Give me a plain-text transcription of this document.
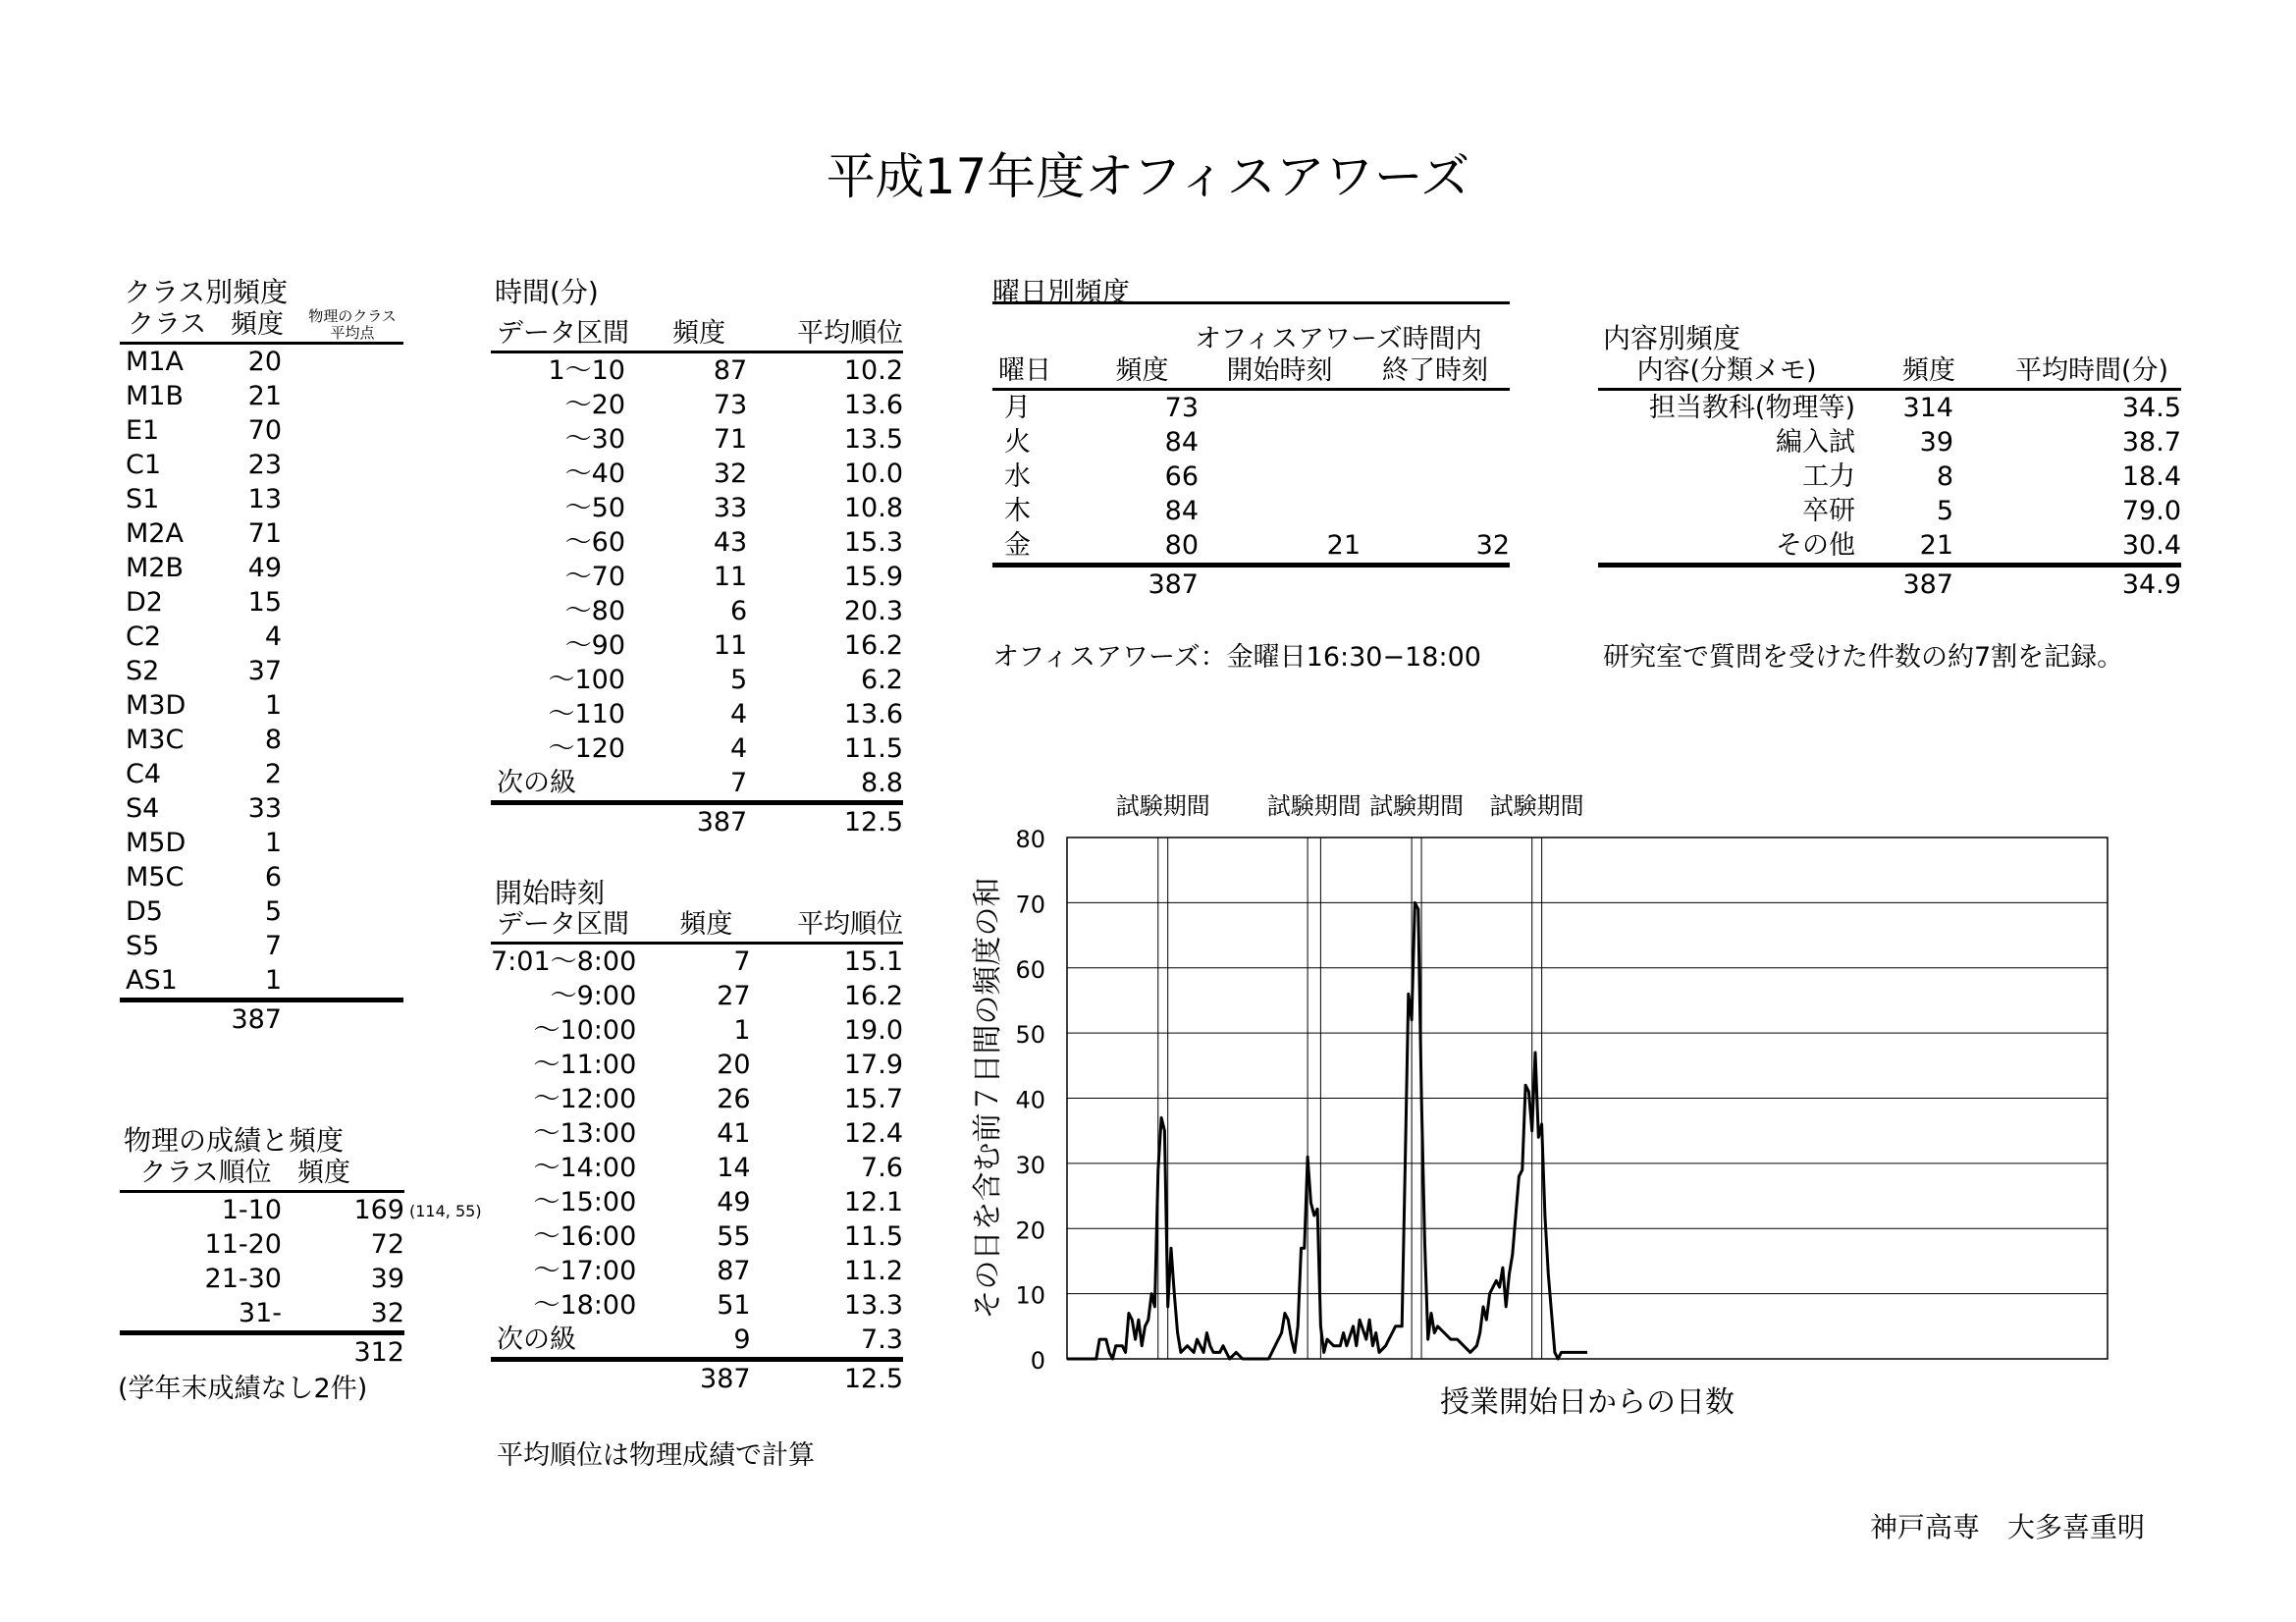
平成17年度オフィスアワーズ
クラス別頻度
クラス	頻度	物理のクラス
平均点

M1A	20	
M1B	21	
E1	70	
C1	23	
S1	13	
M2A	71	
M2B	49	
D2	15	
C2	4	
S2	37	
M3D	1	
M3C	8	
C4	2	
S4	33	
M5D	1	
M5C	6	
D5	5	
S5	7	
AS1	1	
	387	
物理の成績と頻度
クラス順位	頻度
1-10	169 (114, 55)

11-20	72
21-30	39
31-	32
	312
(学年末成績なし2件)
時間(分)
データ区間	頻度	平均順位
1〜10	87	10.2
〜20	73	13.6
〜30	71	13.5
〜40	32	10.0
〜50	33	10.8
〜60	43	15.3
〜70	11	15.9
〜80	6	20.3
〜90	11	16.2
〜100	5	6.2
〜110	4	13.6
〜120	4	11.5
次の級	7	8.8
	387	12.5
開始時刻
データ区間	頻度	平均順位
7:01〜8:00	7	15.1
〜9:00	27	16.2
〜10:00	1	19.0
〜11:00	20	17.9
〜12:00	26	15.7
〜13:00	41	12.4
〜14:00	14	7.6
〜15:00	49	12.1
〜16:00	55	11.5
〜17:00	87	11.2
〜18:00	51	13.3
次の級	9	7.3
	387	12.5
平均順位は物理成績で計算
曜日別頻度
オフィスアワーズ時間内
曜日	頻度	開始時刻	終了時刻
月	73		
火	84		
水	66		
木	84		
金	80	21	32
	387		
オフィスアワーズ：金曜日16:30−18:00
内容別頻度
内容(分類メモ)	頻度	平均時間(分)
担当教科(物理等)	314	34.5
編入試	39	38.7
工力	8	18.4
卒研	5	79.0
その他	21	30.4
	387	34.9
研究室で質問を受けた件数の約7割を記録。
0
10
20
30
40
50
60
70
80
試験期間 試験期間 試験期間 試験期間
授業開始日からの日数
その日を含む前７日間の頻度の和
神戸高専　大多喜重明
